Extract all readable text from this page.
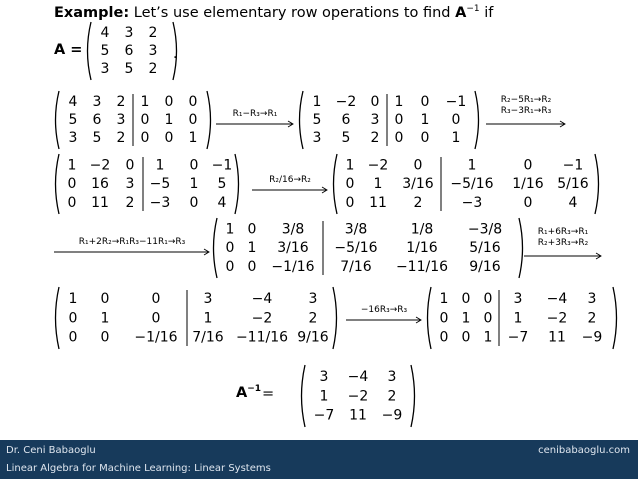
Example: Let’s use elementary row operations to find $A^{-1}$ if
A =
4 3 2
5 6 3
3 5 2
.
4 3 2 1 0 0
5 6 3 0 1 0
3 5 2 0 0 1
R₁−R₃→R₁
1 −2 0 1 0 −1
5 6 3 0 1 0
3 5 2 0 0 1
R₂−5R₁→R₂
R₃−3R₁→R₃
1 −2 0 1 0 −1
0 16 3 −5 1 5
0 11 2 −3 0 4
R₂/16→R₂
1 −2 0	1	0 −1
0 1 3/16 −5/16 1/16 5/16
0 11 2	−3	0	4
R₁+2R₂→R₁R₃−11R₁→R₃
1 0 3/8	3/8	1/8 −3/8
0 1 3/16 −5/16 1/16 5/16
0 0 −1/16 7/16 −11/16 9/16
R₁+6R₃→R₁
R₂+3R₃→R₂
1 0	0	3	−4	3
0 1	0	1	−2	2
0 0 −1/16 7/16 −11/16 9/16
−16R₃→R₃
1 0 0 3 −4 3
0 1 0 1 −2 2
0 0 1 −7 11 −9
$A^{-1}$ =
3 −4 3
1 −2 2
−7 11 −9
Dr. Ceni Babaoglu	cenibabaoglu.com
Linear Algebra for Machine Learning: Linear Systems
